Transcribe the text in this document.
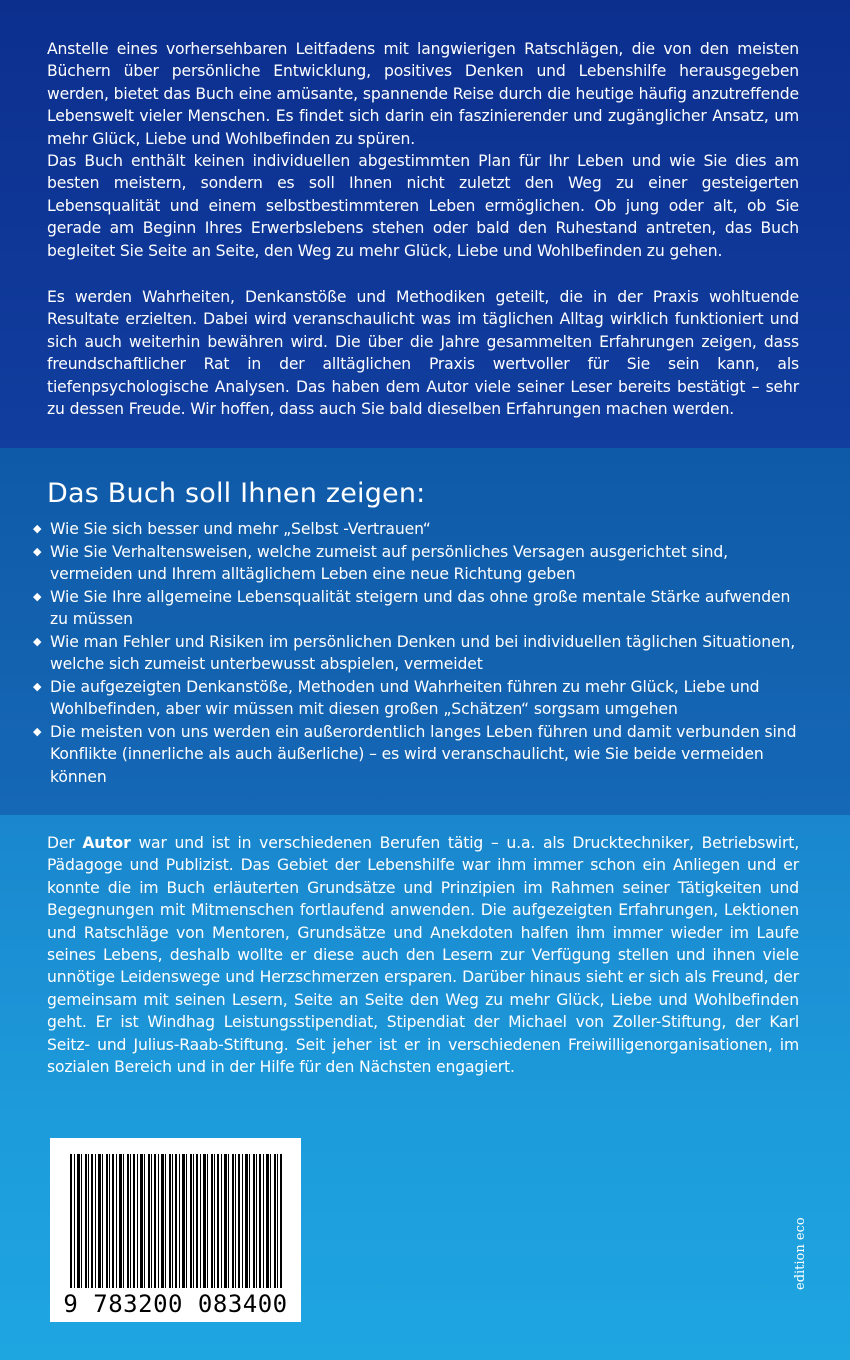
Anstelle eines vorhersehbaren Leitfadens mit langwierigen Ratschlägen, die von den meisten Büchern über persönliche Entwicklung, positives Denken und Lebenshilfe herausgegeben werden, bietet das Buch eine amüsante, spannende Reise durch die heutige häufig anzutreffende Lebenswelt vieler Menschen. Es findet sich darin ein faszinierender und zugänglicher Ansatz, um mehr Glück, Liebe und Wohlbefinden zu spüren.
Das Buch enthält keinen individuellen abgestimmten Plan für Ihr Leben und wie Sie dies am besten meistern, sondern es soll Ihnen nicht zuletzt den Weg zu einer gesteigerten Lebensqualität und einem selbstbestimmteren Leben ermöglichen. Ob jung oder alt, ob Sie gerade am Beginn Ihres Erwerbslebens stehen oder bald den Ruhestand antreten, das Buch begleitet Sie Seite an Seite, den Weg zu mehr Glück, Liebe und Wohlbefinden zu gehen.

Es werden Wahrheiten, Denkanstöße und Methodiken geteilt, die in der Praxis wohltuende Resultate erzielten. Dabei wird veranschaulicht was im täglichen Alltag wirklich funktioniert und sich auch weiterhin bewähren wird. Die über die Jahre gesammelten Erfahrungen zeigen, dass freundschaftlicher Rat in der alltäglichen Praxis wertvoller für Sie sein kann, als tiefenpsychologische Analysen. Das haben dem Autor viele seiner Leser bereits bestätigt – sehr zu dessen Freude. Wir hoffen, dass auch Sie bald dieselben Erfahrungen machen werden.

Das Buch soll Ihnen zeigen:
◆ Wie Sie sich besser und mehr „Selbst -Vertrauen“
◆ Wie Sie Verhaltensweisen, welche zumeist auf persönliches Versagen ausgerichtet sind, vermeiden und Ihrem alltäglichem Leben eine neue Richtung geben
◆ Wie Sie Ihre allgemeine Lebensqualität steigern und das ohne große mentale Stärke aufwenden zu müssen
◆ Wie man Fehler und Risiken im persönlichen Denken und bei individuellen täglichen Situationen, welche sich zumeist unterbewusst abspielen, vermeidet
◆ Die aufgezeigten Denkanstöße, Methoden und Wahrheiten führen zu mehr Glück, Liebe und Wohlbefinden, aber wir müssen mit diesen großen „Schätzen“ sorgsam umgehen
◆ Die meisten von uns werden ein außerordentlich langes Leben führen und damit verbunden sind Konflikte (innerliche als auch äußerliche) – es wird veranschaulicht, wie Sie beide vermeiden können

Der Autor war und ist in verschiedenen Berufen tätig – u.a. als Drucktechniker, Betriebswirt, Pädagoge und Publizist. Das Gebiet der Lebenshilfe war ihm immer schon ein Anliegen und er konnte die im Buch erläuterten Grundsätze und Prinzipien im Rahmen seiner Tätigkeiten und Begegnungen mit Mitmenschen fortlaufend anwenden. Die aufgezeigten Erfahrungen, Lektionen und Ratschläge von Mentoren, Grundsätze und Anekdoten halfen ihm immer wieder im Laufe seines Lebens, deshalb wollte er diese auch den Lesern zur Verfügung stellen und ihnen viele unnötige Leidenswege und Herzschmerzen ersparen. Darüber hinaus sieht er sich als Freund, der gemeinsam mit seinen Lesern, Seite an Seite den Weg zu mehr Glück, Liebe und Wohlbefinden geht. Er ist Windhag Leistungsstipendiat, Stipendiat der Michael von Zoller-Stiftung, der Karl Seitz- und Julius-Raab-Stiftung. Seit jeher ist er in verschiedenen Freiwilligenorganisationen, im sozialen Bereich und in der Hilfe für den Nächsten engagiert.

9 783200 083400
edition eco
